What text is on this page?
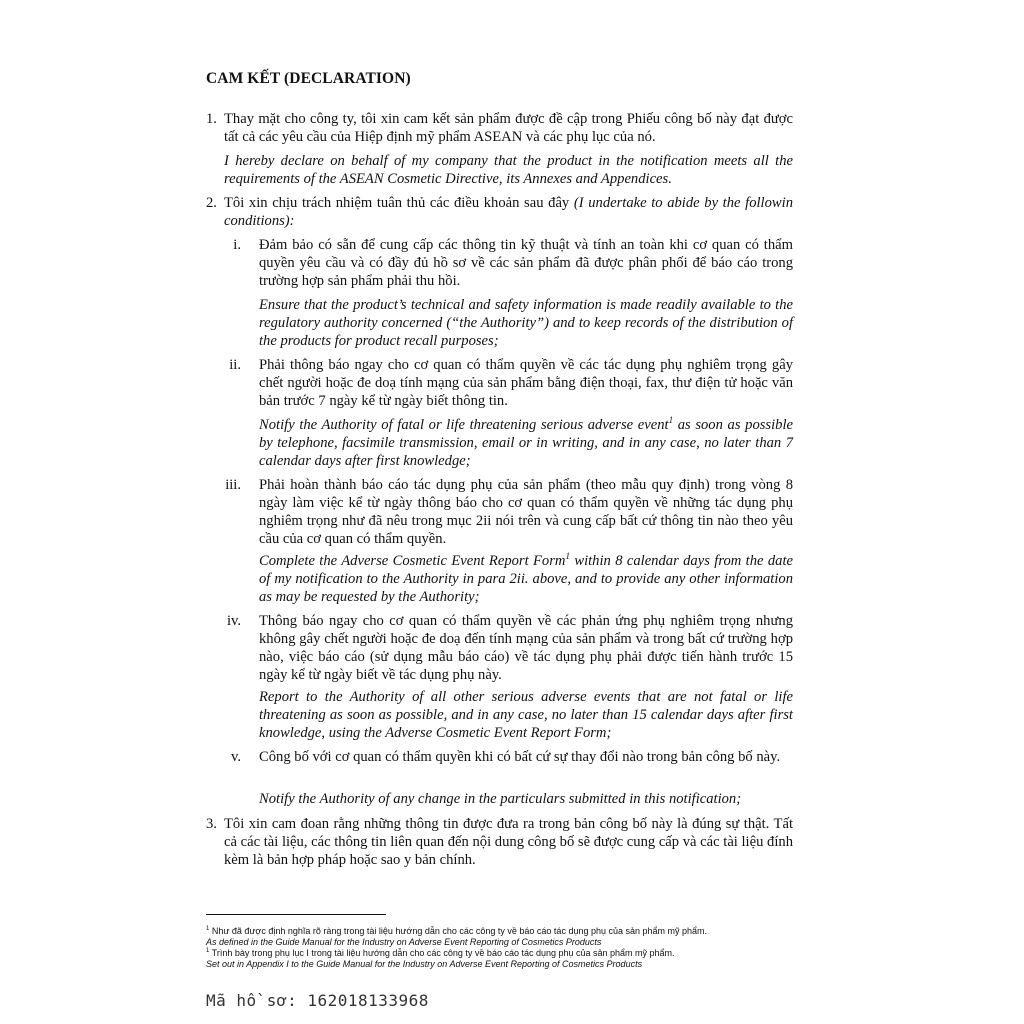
CAM KẾT (DECLARATION)
1. Thay mặt cho công ty, tôi xin cam kết sản phẩm được đề cập trong Phiếu công bố này đạt được tất cả các yêu cầu của Hiệp định mỹ phẩm ASEAN và các phụ lục của nó.
I hereby declare on behalf of my company that the product in the notification meets all the requirements of the ASEAN Cosmetic Directive, its Annexes and Appendices.
2. Tôi xin chịu trách nhiệm tuân thủ các điều khoản sau đây (I undertake to abide by the followin conditions):
i. Đảm bảo có sẵn để cung cấp các thông tin kỹ thuật và tính an toàn khi cơ quan có thẩm quyền yêu cầu và có đầy đủ hồ sơ về các sản phẩm đã được phân phối để báo cáo trong trường hợp sản phẩm phải thu hồi.
Ensure that the product’s technical and safety information is made readily available to the regulatory authority concerned (“the Authority”) and to keep records of the distribution of the products for product recall purposes;
ii. Phải thông báo ngay cho cơ quan có thẩm quyền về các tác dụng phụ nghiêm trọng gây chết người hoặc đe doạ tính mạng của sản phẩm bằng điện thoại, fax, thư điện tử hoặc văn bản trước 7 ngày kể từ ngày biết thông tin.
Notify the Authority of fatal or life threatening serious adverse event$^1$ as soon as possible by telephone, facsimile transmission, email or in writing, and in any case, no later than 7 calendar days after first knowledge;
iii. Phải hoàn thành báo cáo tác dụng phụ của sản phẩm (theo mẫu quy định) trong vòng 8 ngày làm việc kể từ ngày thông báo cho cơ quan có thẩm quyền về những tác dụng phụ nghiêm trọng như đã nêu trong mục 2ii nói trên và cung cấp bất cứ thông tin nào theo yêu cầu của cơ quan có thẩm quyền.
Complete the Adverse Cosmetic Event Report Form$^1$ within 8 calendar days from the date of my notification to the Authority in para 2ii. above, and to provide any other information as may be requested by the Authority;
iv. Thông báo ngay cho cơ quan có thẩm quyền về các phản ứng phụ nghiêm trọng nhưng không gây chết người hoặc đe doạ đến tính mạng của sản phẩm và trong bất cứ trường hợp nào, việc báo cáo (sử dụng mẫu báo cáo) về tác dụng phụ phải được tiến hành trước 15 ngày kể từ ngày biết về tác dụng phụ này.
Report to the Authority of all other serious adverse events that are not fatal or life threatening as soon as possible, and in any case, no later than 15 calendar days after first knowledge, using the Adverse Cosmetic Event Report Form;
v. Công bố với cơ quan có thẩm quyền khi có bất cứ sự thay đổi nào trong bản công bố này.
Notify the Authority of any change in the particulars submitted in this notification;
3. Tôi xin cam đoan rằng những thông tin được đưa ra trong bản công bố này là đúng sự thật. Tất cả các tài liệu, các thông tin liên quan đến nội dung công bố sẽ được cung cấp và các tài liệu đính kèm là bản hợp pháp hoặc sao y bản chính.
$^1$ Như đã được định nghĩa rõ ràng trong tài liệu hướng dẫn cho các công ty về báo cáo tác dụng phụ của sản phẩm mỹ phẩm.
As defined in the Guide Manual for the Industry on Adverse Event Reporting of Cosmetics Products
$^1$ Trình bày trong phụ lục I trong tài liệu hướng dẫn cho các công ty về báo cáo tác dụng phụ của sản phẩm mỹ phẩm.
Set out in Appendix I to the Guide Manual for the Industry on Adverse Event Reporting of Cosmetics Products
Mã hồ sơ: 162018133968
